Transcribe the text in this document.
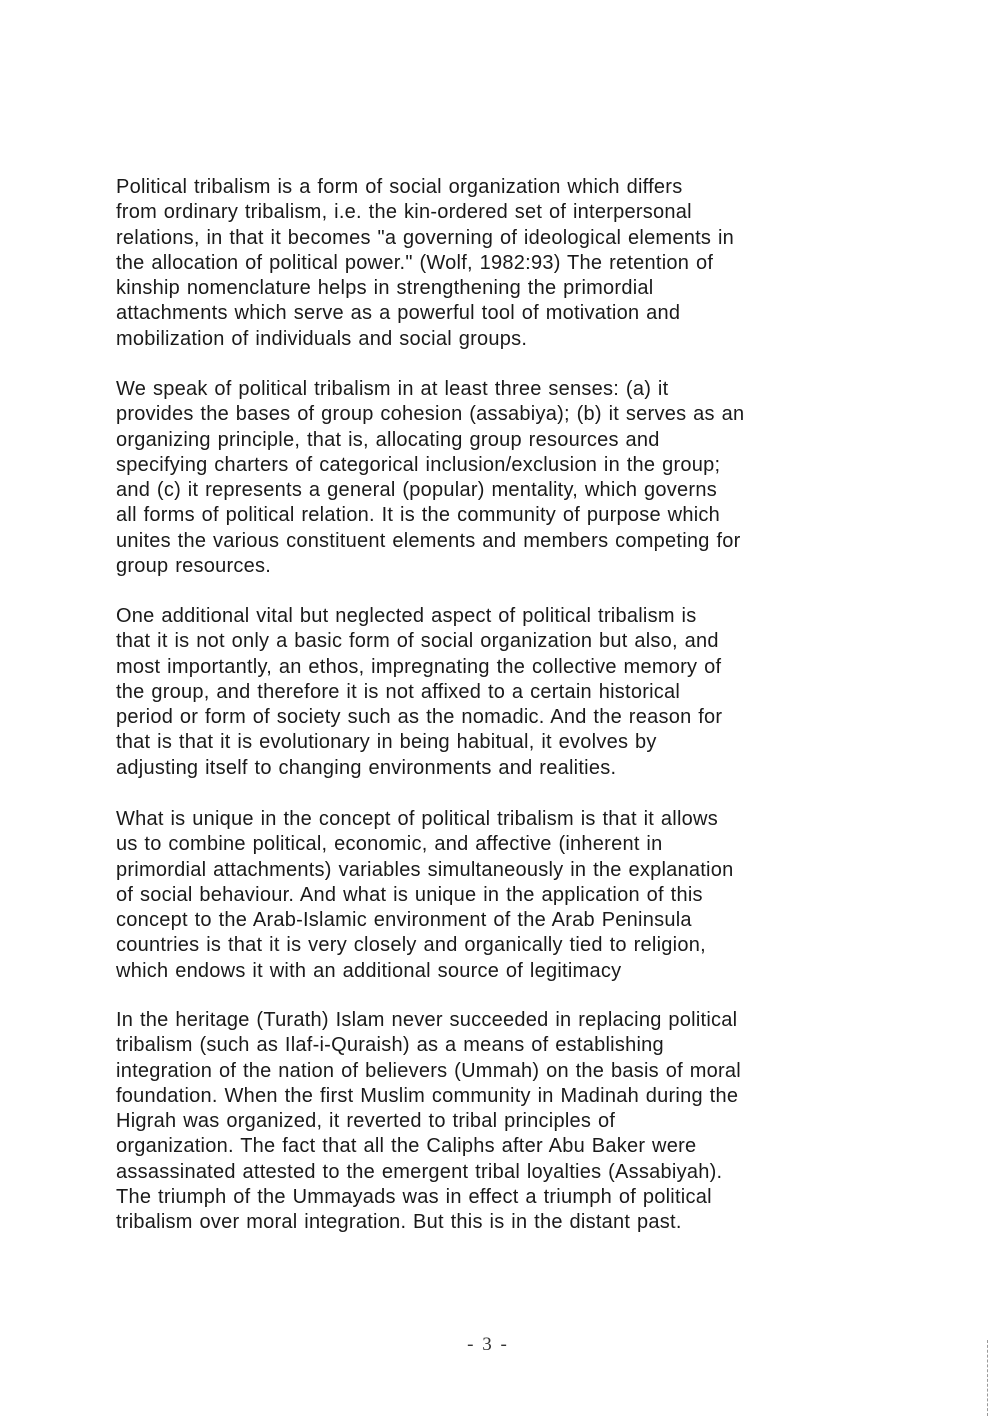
Political tribalism is a form of social organization which differs
from ordinary tribalism, i.e. the kin-ordered set of interpersonal
relations, in that it becomes "a governing of ideological elements in
the allocation of political power." (Wolf, 1982:93) The retention of
kinship nomenclature helps in strengthening the primordial
attachments which serve as a powerful tool of motivation and
mobilization of individuals and social groups.

We speak of political tribalism in at least three senses: (a) it
provides the bases of group cohesion (assabiya); (b) it serves as an
organizing principle, that is, allocating group resources and
specifying charters of categorical inclusion/exclusion in the group;
and (c) it represents a general (popular) mentality, which governs
all forms of political relation. It is the community of purpose which
unites the various constituent elements and members competing for
group resources.

One additional vital but neglected aspect of political tribalism is
that it is not only a basic form of social organization but also, and
most importantly, an ethos, impregnating the collective memory of
the group, and therefore it is not affixed to a certain historical
period or form of society such as the nomadic. And the reason for
that is that it is evolutionary in being habitual, it evolves by
adjusting itself to changing environments and realities.

What is unique in the concept of political tribalism is that it allows
us to combine political, economic, and affective (inherent in
primordial attachments) variables simultaneously in the explanation
of social behaviour. And what is unique in the application of this
concept to the Arab-Islamic environment of the Arab Peninsula
countries is that it is very closely and organically tied to religion,
which endows it with an additional source of legitimacy

In the heritage (Turath) Islam never succeeded in replacing political
tribalism (such as Ilaf-i-Quraish) as a means of establishing
integration of the nation of believers (Ummah) on the basis of moral
foundation. When the first Muslim community in Madinah during the
Higrah was organized, it reverted to tribal principles of
organization. The fact that all the Caliphs after Abu Baker were
assassinated attested to the emergent tribal loyalties (Assabiyah).
The triumph of the Ummayads was in effect a triumph of political
tribalism over moral integration. But this is in the distant past.

- 3 -
